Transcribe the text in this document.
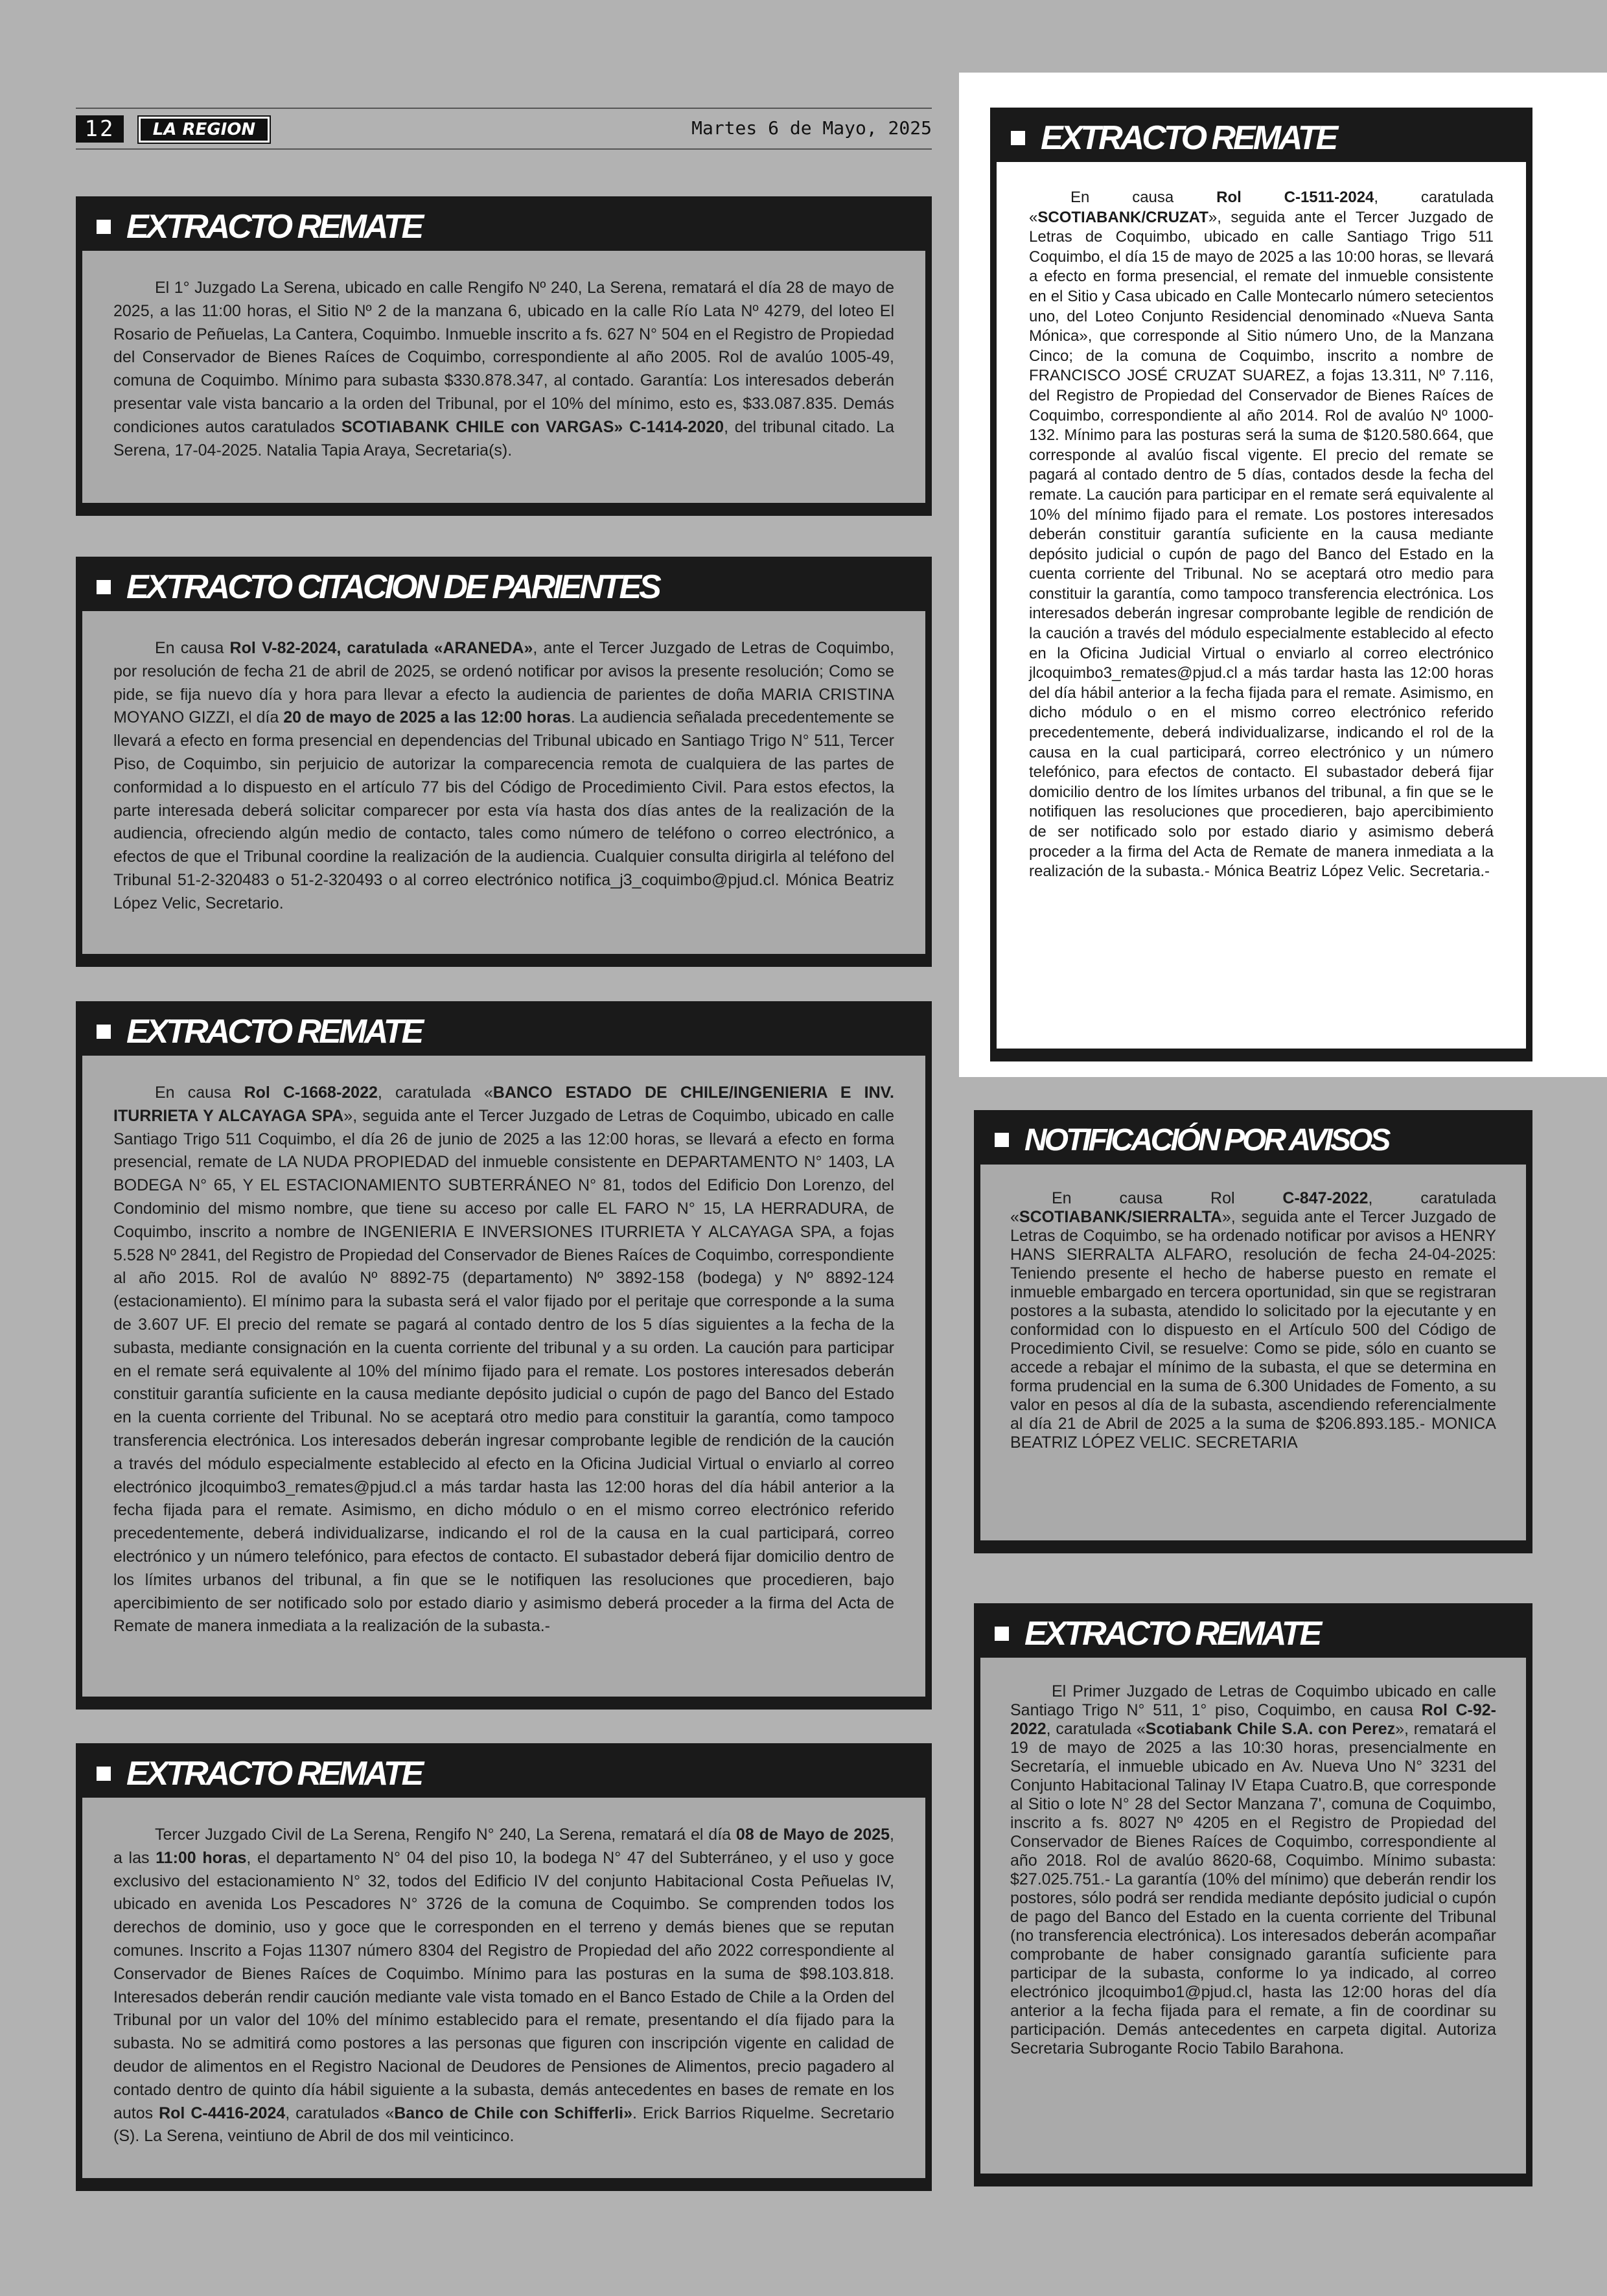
12	LA REGION	Martes 6 de Mayo, 2025
EXTRACTO REMATE

El 1° Juzgado La Serena, ubicado en calle Rengifo Nº 240, La Serena, rematará el día 28 de mayo de 2025, a las 11:00 horas, el Sitio Nº 2 de la manzana 6, ubicado en la calle Río Lata Nº 4279, del loteo El Rosario de Peñuelas, La Cantera, Coquimbo. Inmueble inscrito a fs. 627 N° 504 en el Registro de Propiedad del Conservador de Bienes Raíces de Coquimbo, correspondiente al año 2005. Rol de avalúo 1005-49, comuna de Coquimbo. Mínimo para subasta $330.878.347, al contado. Garantía: Los interesados deberán presentar vale vista bancario a la orden del Tribunal, por el 10% del mínimo, esto es, $33.087.835. Demás condiciones autos caratulados SCOTIABANK CHILE con VARGAS» C-1414-2020, del tribunal citado. La Serena, 17-04-2025. Natalia Tapia Araya, Secretaria(s).

EXTRACTO CITACION DE PARIENTES

En causa Rol V-82-2024, caratulada «ARANEDA», ante el Tercer Juzgado de Letras de Coquimbo, por resolución de fecha 21 de abril de 2025, se ordenó notificar por avisos la presente resolución; Como se pide, se fija nuevo día y hora para llevar a efecto la audiencia de parientes de doña MARIA CRISTINA MOYANO GIZZI, el día 20 de mayo de 2025 a las 12:00 horas. La audiencia señalada precedentemente se llevará a efecto en forma presencial en dependencias del Tribunal ubicado en Santiago Trigo N° 511, Tercer Piso, de Coquimbo, sin perjuicio de autorizar la comparecencia remota de cualquiera de las partes de conformidad a lo dispuesto en el artículo 77 bis del Código de Procedimiento Civil. Para estos efectos, la parte interesada deberá solicitar comparecer por esta vía hasta dos días antes de la realización de la audiencia, ofreciendo algún medio de contacto, tales como número de teléfono o correo electrónico, a efectos de que el Tribunal coordine la realización de la audiencia. Cualquier consulta dirigirla al teléfono del Tribunal 51-2-320483 o 51-2-320493 o al correo electrónico notifica_j3_coquimbo@pjud.cl. Mónica Beatriz López Velic, Secretario.

EXTRACTO REMATE

En causa Rol C-1668-2022, caratulada «BANCO ESTADO DE CHILE/INGENIERIA E INV. ITURRIETA Y ALCAYAGA SPA», seguida ante el Tercer Juzgado de Letras de Coquimbo, ubicado en calle Santiago Trigo 511 Coquimbo, el día 26 de junio de 2025 a las 12:00 horas, se llevará a efecto en forma presencial, remate de LA NUDA PROPIEDAD del inmueble consistente en DEPARTAMENTO N° 1403, LA BODEGA N° 65, Y EL ESTACIONAMIENTO SUBTERRÁNEO N° 81, todos del Edificio Don Lorenzo, del Condominio del mismo nombre, que tiene su acceso por calle EL FARO N° 15, LA HERRADURA, de Coquimbo, inscrito a nombre de INGENIERIA E INVERSIONES ITURRIETA Y ALCAYAGA SPA, a fojas 5.528 Nº 2841, del Registro de Propiedad del Conservador de Bienes Raíces de Coquimbo, correspondiente al año 2015. Rol de avalúo Nº 8892-75 (departamento) Nº 3892-158 (bodega) y Nº 8892-124 (estacionamiento). El mínimo para la subasta será el valor fijado por el peritaje que corresponde a la suma de 3.607 UF. El precio del remate se pagará al contado dentro de los 5 días siguientes a la fecha de la subasta, mediante consignación en la cuenta corriente del tribunal y a su orden. La caución para participar en el remate será equivalente al 10% del mínimo fijado para el remate. Los postores interesados deberán constituir garantía suficiente en la causa mediante depósito judicial o cupón de pago del Banco del Estado en la cuenta corriente del Tribunal. No se aceptará otro medio para constituir la garantía, como tampoco transferencia electrónica. Los interesados deberán ingresar comprobante legible de rendición de la caución a través del módulo especialmente establecido al efecto en la Oficina Judicial Virtual o enviarlo al correo electrónico jlcoquimbo3_remates@pjud.cl a más tardar hasta las 12:00 horas del día hábil anterior a la fecha fijada para el remate. Asimismo, en dicho módulo o en el mismo correo electrónico referido precedentemente, deberá individualizarse, indicando el rol de la causa en la cual participará, correo electrónico y un número telefónico, para efectos de contacto. El subastador deberá fijar domicilio dentro de los límites urbanos del tribunal, a fin que se le notifiquen las resoluciones que procedieren, bajo apercibimiento de ser notificado solo por estado diario y asimismo deberá proceder a la firma del Acta de Remate de manera inmediata a la realización de la subasta.-

EXTRACTO REMATE

Tercer Juzgado Civil de La Serena, Rengifo N° 240, La Serena, rematará el día 08 de Mayo de 2025, a las 11:00 horas, el departamento N° 04 del piso 10, la bodega N° 47 del Subterráneo, y el uso y goce exclusivo del estacionamiento N° 32, todos del Edificio IV del conjunto Habitacional Costa Peñuelas IV, ubicado en avenida Los Pescadores N° 3726 de la comuna de Coquimbo. Se comprenden todos los derechos de dominio, uso y goce que le corresponden en el terreno y demás bienes que se reputan comunes. Inscrito a Fojas 11307 número 8304 del Registro de Propiedad del año 2022 correspondiente al Conservador de Bienes Raíces de Coquimbo. Mínimo para las posturas en la suma de $98.103.818. Interesados deberán rendir caución mediante vale vista tomado en el Banco Estado de Chile a la Orden del Tribunal por un valor del 10% del mínimo establecido para el remate, presentando el día fijado para la subasta. No se admitirá como postores a las personas que figuren con inscripción vigente en calidad de deudor de alimentos en el Registro Nacional de Deudores de Pensiones de Alimentos, precio pagadero al contado dentro de quinto día hábil siguiente a la subasta, demás antecedentes en bases de remate en los autos Rol C-4416-2024, caratulados «Banco de Chile con Schifferli». Erick Barrios Riquelme. Secretario (S). La Serena, veintiuno de Abril de dos mil veinticinco.

EXTRACTO REMATE

En causa Rol C-1511-2024, caratulada «SCOTIABANK/CRUZAT», seguida ante el Tercer Juzgado de Letras de Coquimbo, ubicado en calle Santiago Trigo 511 Coquimbo, el día 15 de mayo de 2025 a las 10:00 horas, se llevará a efecto en forma presencial, el remate del inmueble consistente en el Sitio y Casa ubicado en Calle Montecarlo número setecientos uno, del Loteo Conjunto Residencial denominado «Nueva Santa Mónica», que corresponde al Sitio número Uno, de la Manzana Cinco; de la comuna de Coquimbo, inscrito a nombre de FRANCISCO JOSÉ CRUZAT SUAREZ, a fojas 13.311, Nº 7.116, del Registro de Propiedad del Conservador de Bienes Raíces de Coquimbo, correspondiente al año 2014. Rol de avalúo Nº 1000-132. Mínimo para las posturas será la suma de $120.580.664, que corresponde al avalúo fiscal vigente. El precio del remate se pagará al contado dentro de 5 días, contados desde la fecha del remate. La caución para participar en el remate será equivalente al 10% del mínimo fijado para el remate. Los postores interesados deberán constituir garantía suficiente en la causa mediante depósito judicial o cupón de pago del Banco del Estado en la cuenta corriente del Tribunal. No se aceptará otro medio para constituir la garantía, como tampoco transferencia electrónica. Los interesados deberán ingresar comprobante legible de rendición de la caución a través del módulo especialmente establecido al efecto en la Oficina Judicial Virtual o enviarlo al correo electrónico jlcoquimbo3_remates@pjud.cl a más tardar hasta las 12:00 horas del día hábil anterior a la fecha fijada para el remate. Asimismo, en dicho módulo o en el mismo correo electrónico referido precedentemente, deberá individualizarse, indicando el rol de la causa en la cual participará, correo electrónico y un número telefónico, para efectos de contacto. El subastador deberá fijar domicilio dentro de los límites urbanos del tribunal, a fin que se le notifiquen las resoluciones que procedieren, bajo apercibimiento de ser notificado solo por estado diario y asimismo deberá proceder a la firma del Acta de Remate de manera inmediata a la realización de la subasta.- Mónica Beatriz López Velic. Secretaria.-

NOTIFICACIÓN POR AVISOS

En causa Rol C-847-2022, caratulada «SCOTIABANK/SIERRALTA», seguida ante el Tercer Juzgado de Letras de Coquimbo, se ha ordenado notificar por avisos a HENRY HANS SIERRALTA ALFARO, resolución de fecha 24-04-2025: Teniendo presente el hecho de haberse puesto en remate el inmueble embargado en tercera oportunidad, sin que se registraran postores a la subasta, atendido lo solicitado por la ejecutante y en conformidad con lo dispuesto en el Artículo 500 del Código de Procedimiento Civil, se resuelve: Como se pide, sólo en cuanto se accede a rebajar el mínimo de la subasta, el que se determina en forma prudencial en la suma de 6.300 Unidades de Fomento, a su valor en pesos al día de la subasta, ascendiendo referencialmente al día 21 de Abril de 2025 a la suma de $206.893.185.- MONICA BEATRIZ LÓPEZ VELIC. SECRETARIA

EXTRACTO REMATE

El Primer Juzgado de Letras de Coquimbo ubicado en calle Santiago Trigo N° 511, 1° piso, Coquimbo, en causa Rol C-92-2022, caratulada «Scotiabank Chile S.A. con Perez», rematará el 19 de mayo de 2025 a las 10:30 horas, presencialmente en Secretaría, el inmueble ubicado en Av. Nueva Uno N° 3231 del Conjunto Habitacional Talinay IV Etapa Cuatro.B, que corresponde al Sitio o lote N° 28 del Sector Manzana 7', comuna de Coquimbo, inscrito a fs. 8027 Nº 4205 en el Registro de Propiedad del Conservador de Bienes Raíces de Coquimbo, correspondiente al año 2018. Rol de avalúo 8620-68, Coquimbo. Mínimo subasta: $27.025.751.- La garantía (10% del mínimo) que deberán rendir los postores, sólo podrá ser rendida mediante depósito judicial o cupón de pago del Banco del Estado en la cuenta corriente del Tribunal (no transferencia electrónica). Los interesados deberán acompañar comprobante de haber consignado garantía suficiente para participar de la subasta, conforme lo ya indicado, al correo electrónico jlcoquimbo1@pjud.cl, hasta las 12:00 horas del día anterior a la fecha fijada para el remate, a fin de coordinar su participación. Demás antecedentes en carpeta digital. Autoriza Secretaria Subrogante Rocio Tabilo Barahona.
